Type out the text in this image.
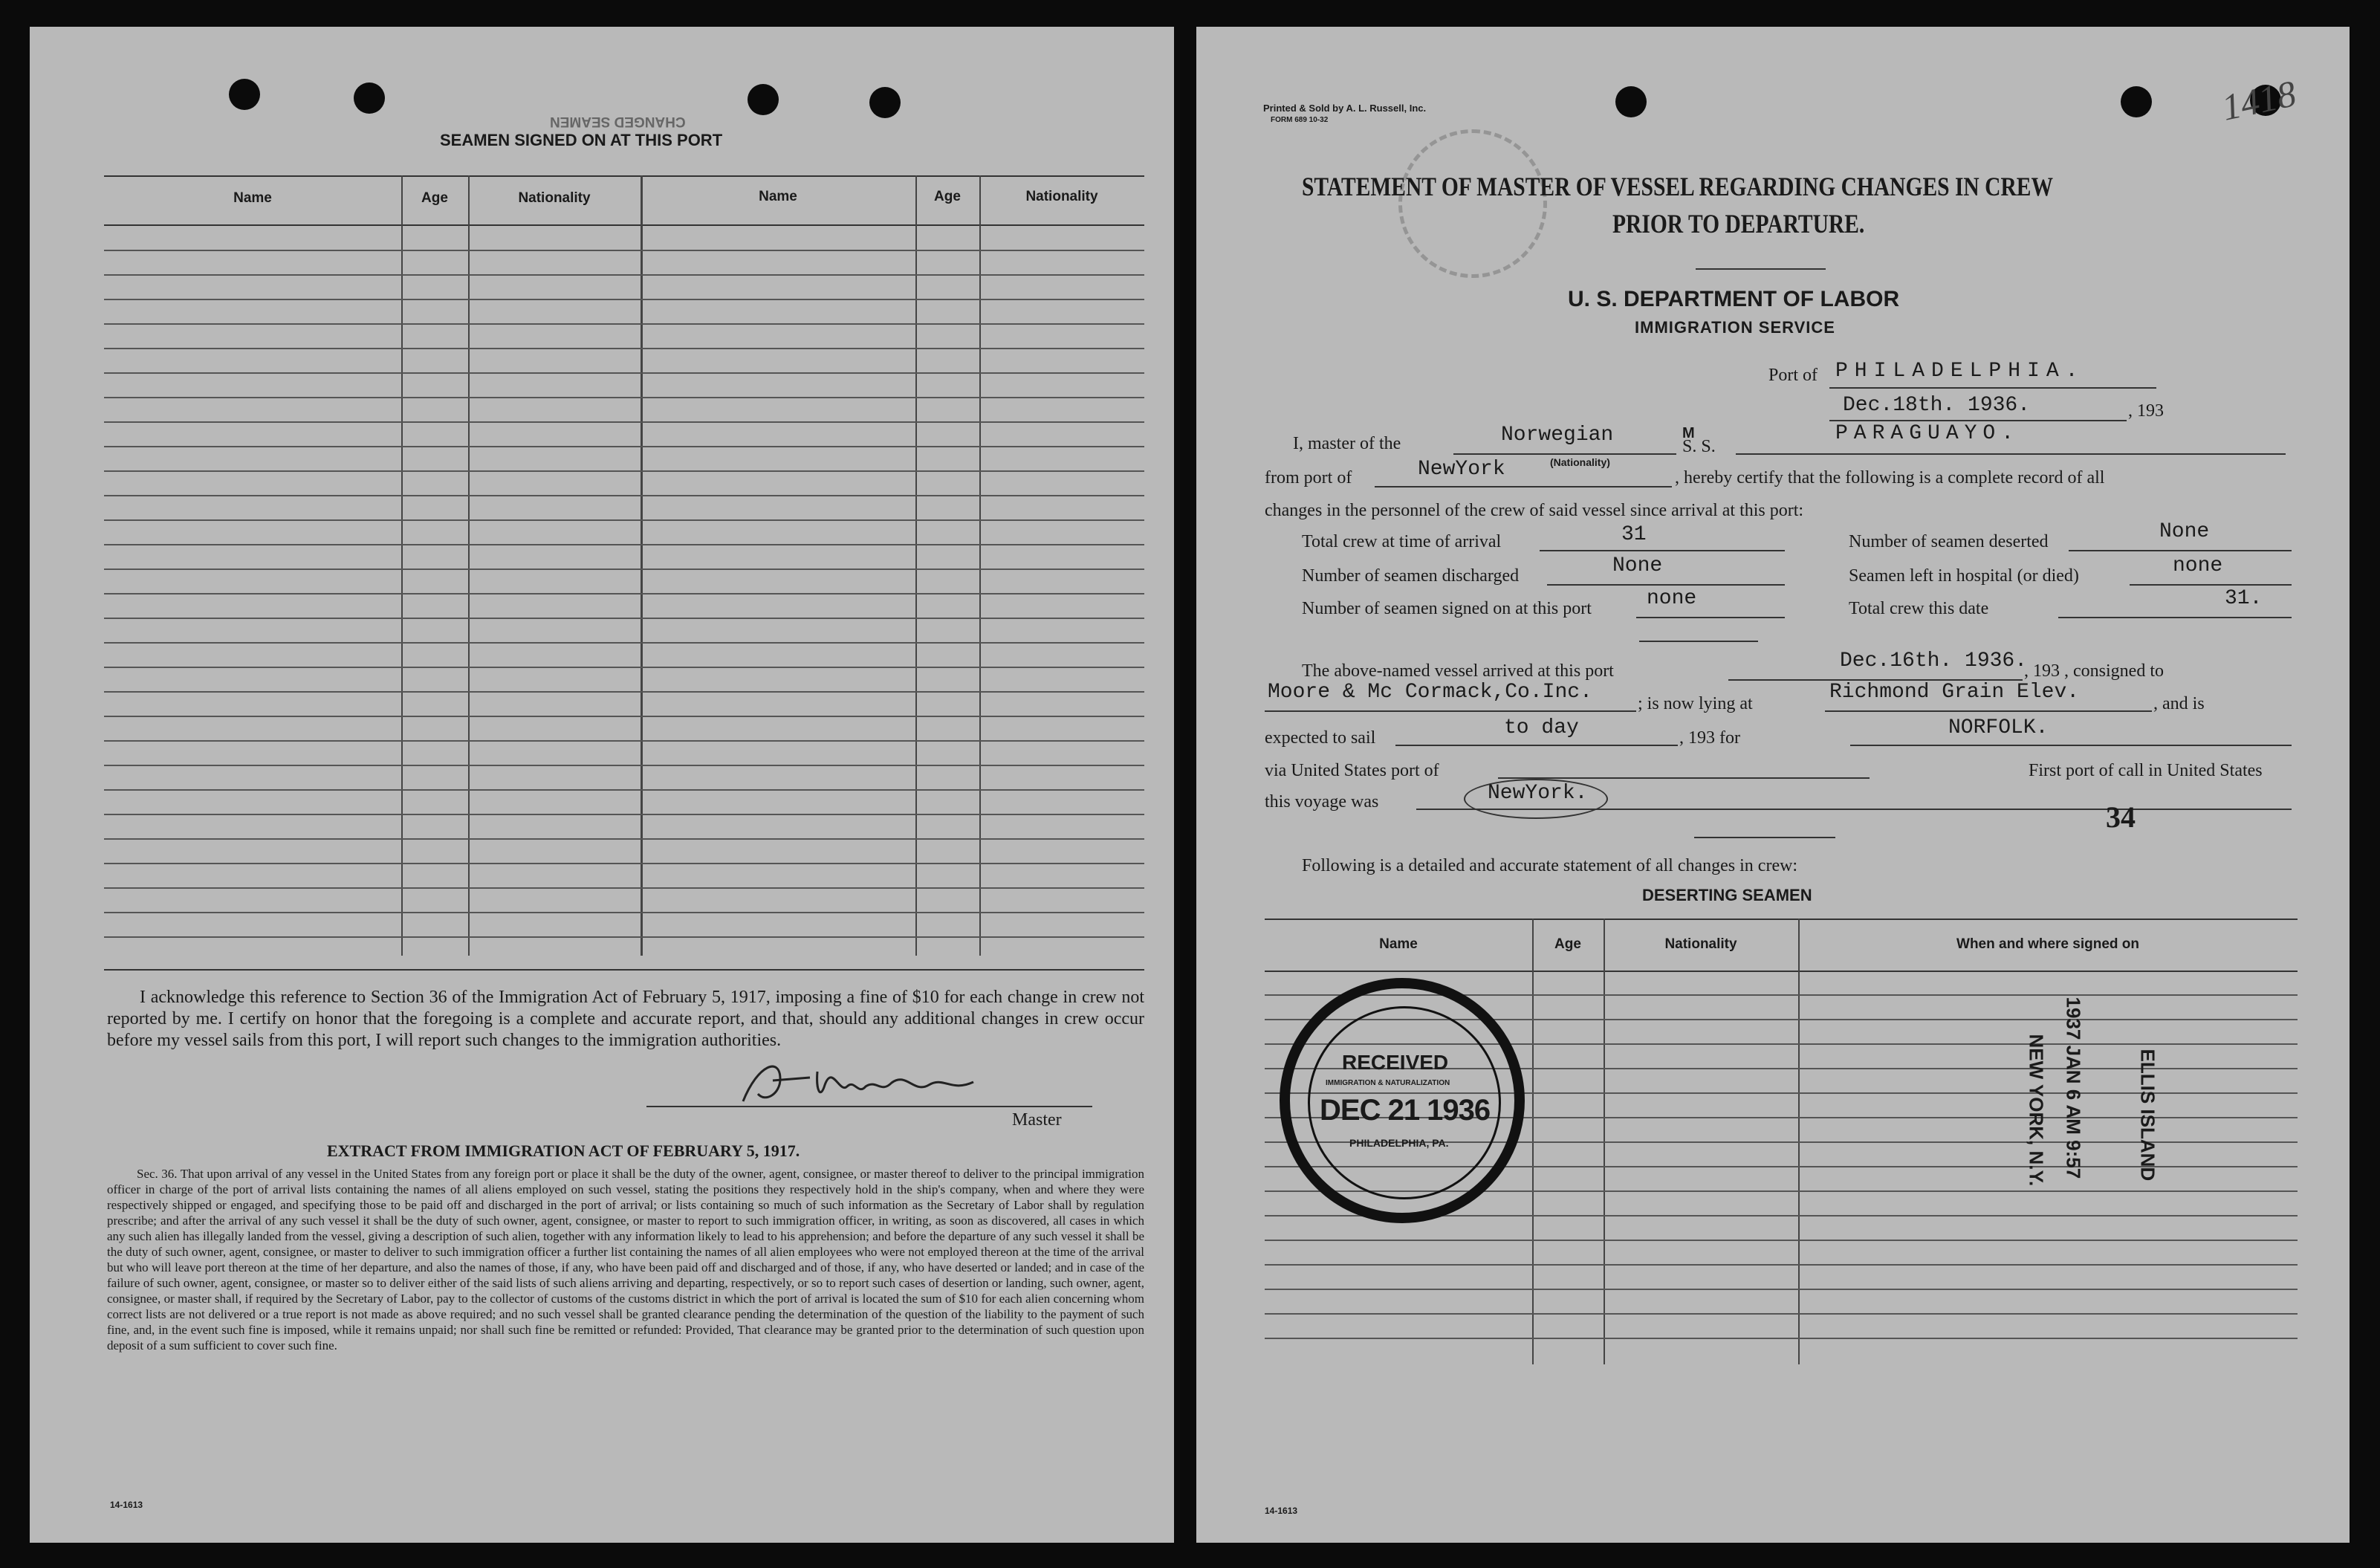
CHANGED SEAMEN
SEAMEN SIGNED ON AT THIS PORT
Name	Age	Nationality	Name	Age	Nationality
I acknowledge this reference to Section 36 of the Immigration Act of February 5, 1917, imposing a fine of $10 for each change in crew not reported by me. I certify on honor that the foregoing is a complete and accurate report, and that, should any additional changes in crew occur before my vessel sails from this port, I will report such changes to the immigration authorities.
Master
EXTRACT FROM IMMIGRATION ACT OF FEBRUARY 5, 1917.
Sec. 36. That upon arrival of any vessel in the United States from any foreign port or place it shall be the duty of the owner, agent, consignee, or master thereof to deliver to the principal immigration officer in charge of the port of arrival lists containing the names of all aliens employed on such vessel, stating the positions they respectively hold in the ship's company, when and where they were respectively shipped or engaged, and specifying those to be paid off and discharged in the port of arrival; or lists containing so much of such information as the Secretary of Labor shall by regulation prescribe; and after the arrival of any such vessel it shall be the duty of such owner, agent, consignee, or master to report to such immigration officer, in writing, as soon as discovered, all cases in which any such alien has illegally landed from the vessel, giving a description of such alien, together with any information likely to lead to his apprehension; and before the departure of any such vessel it shall be the duty of such owner, agent, consignee, or master to deliver to such immigration officer a further list containing the names of all alien employees who were not employed thereon at the time of the arrival but who will leave port thereon at the time of her departure, and also the names of those, if any, who have been paid off and discharged and of those, if any, who have deserted or landed; and in case of the failure of such owner, agent, consignee, or master so to deliver either of the said lists of such aliens arriving and departing, respectively, or so to report such cases of desertion or landing, such owner, agent, consignee, or master shall, if required by the Secretary of Labor, pay to the collector of customs of the customs district in which the port of arrival is located the sum of $10 for each alien concerning whom correct lists are not delivered or a true report is not made as above required; and no such vessel shall be granted clearance pending the determination of the question of the liability to the payment of such fine, and, in the event such fine is imposed, while it remains unpaid; nor shall such fine be remitted or refunded: Provided, That clearance may be granted prior to the determination of such question upon deposit of a sum sufficient to cover such fine.
14-1613
Printed & Sold by A. L. Russell, Inc.
FORM 689 10-32	1418
STATEMENT OF MASTER OF VESSEL REGARDING CHANGES IN CREW
PRIOR TO DEPARTURE.
U. S. DEPARTMENT OF LABOR
IMMIGRATION SERVICE
Port of PHILADELPHIA.
Dec.18th. 1936.	, 193
I, master of the	Norwegian	M
S. S.
PARAGUAYO.
(Nationality)
from port of	NewYork	, hereby certify that the following is a complete record of all
changes in the personnel of the crew of said vessel since arrival at this port:
Total crew at time of arrival	31	Number of seamen deserted	None
Number of seamen discharged	None	Seamen left in hospital (or died)	none
Number of seamen signed on at this port	none	Total crew this date	31.
The above-named vessel arrived at this port	Dec.16th. 1936.
, 193 , consigned to
Moore & Mc Cormack,Co.Inc.	; is now lying at	Richmond Grain Elev.	, and is
expected to sail	to day	, 193 for	NORFOLK.
via United States port of	First port of call in United States
this voyage was	NewYork.
34
Following is a detailed and accurate statement of all changes in crew:
DESERTING SEAMEN
Name	Age	Nationality	When and where signed on
RECEIVED
IMMIGRATION & NATURALIZATION
DEC 21 1936
PHILADELPHIA, PA.	1937 JAN 6 AM 9:57
NEW YORK, N.Y.	ELLIS ISLAND
14-1613
